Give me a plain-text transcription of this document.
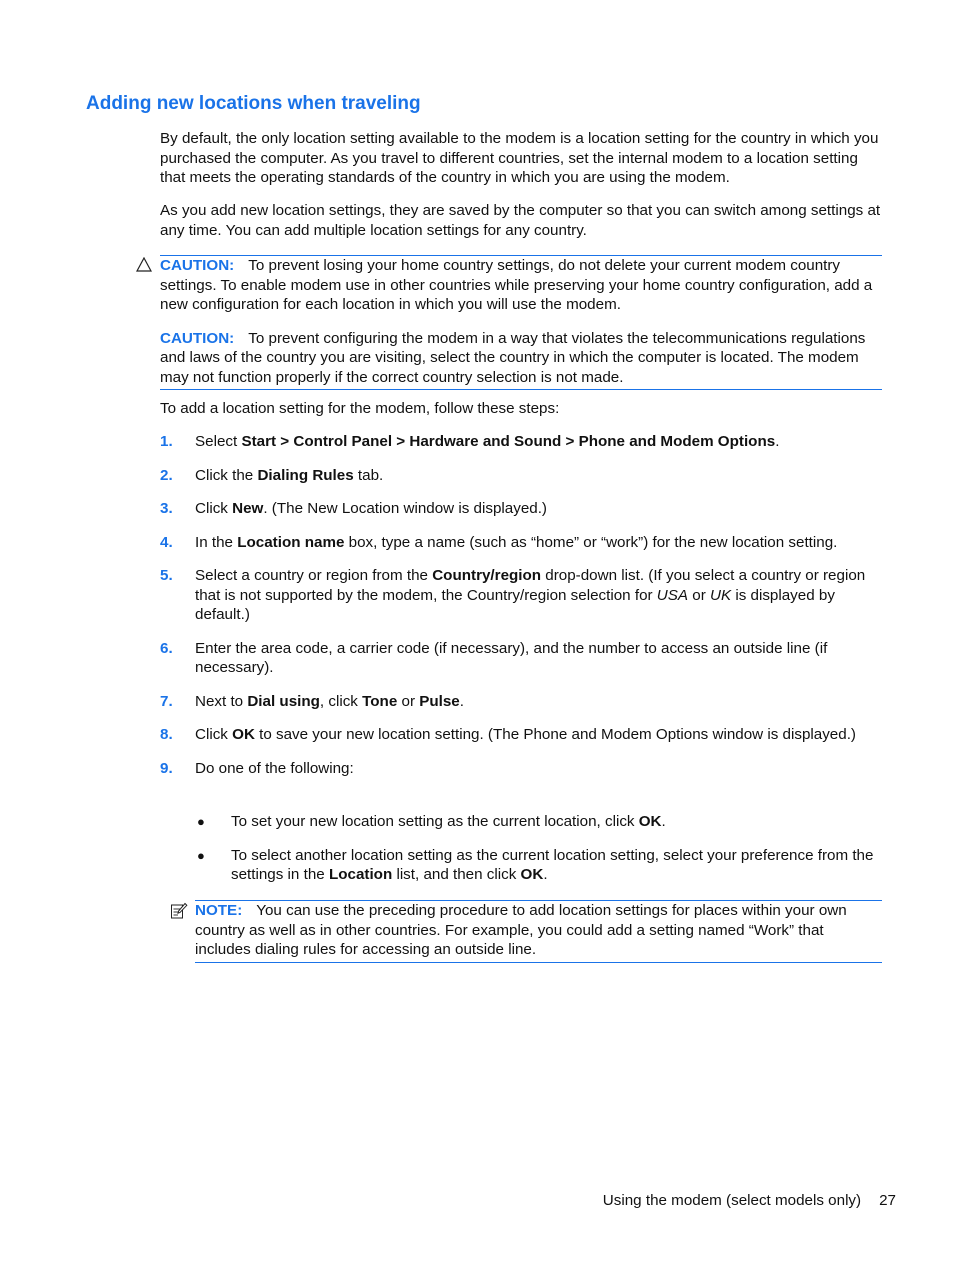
Adding new locations when traveling

By default, the only location setting available to the modem is a location setting for the country in which you purchased the computer. As you travel to different countries, set the internal modem to a location setting that meets the operating standards of the country in which you are using the modem.

As you add new location settings, they are saved by the computer so that you can switch among settings at any time. You can add multiple location settings for any country.

CAUTION: To prevent losing your home country settings, do not delete your current modem country settings. To enable modem use in other countries while preserving your home country configuration, add a new configuration for each location in which you will use the modem.

CAUTION: To prevent configuring the modem in a way that violates the telecommunications regulations and laws of the country you are visiting, select the country in which the computer is located. The modem may not function properly if the correct country selection is not made.

To add a location setting for the modem, follow these steps:

1. Select Start > Control Panel > Hardware and Sound > Phone and Modem Options.
2. Click the Dialing Rules tab.
3. Click New. (The New Location window is displayed.)
4. In the Location name box, type a name (such as “home” or “work”) for the new location setting.
5. Select a country or region from the Country/region drop-down list. (If you select a country or region that is not supported by the modem, the Country/region selection for USA or UK is displayed by default.)
6. Enter the area code, a carrier code (if necessary), and the number to access an outside line (if necessary).
7. Next to Dial using, click Tone or Pulse.
8. Click OK to save your new location setting. (The Phone and Modem Options window is displayed.)
9. Do one of the following:
● To set your new location setting as the current location, click OK.
● To select another location setting as the current location setting, select your preference from the settings in the Location list, and then click OK.

NOTE: You can use the preceding procedure to add location settings for places within your own country as well as in other countries. For example, you could add a setting named “Work” that includes dialing rules for accessing an outside line.

Using the modem (select models only) 27
